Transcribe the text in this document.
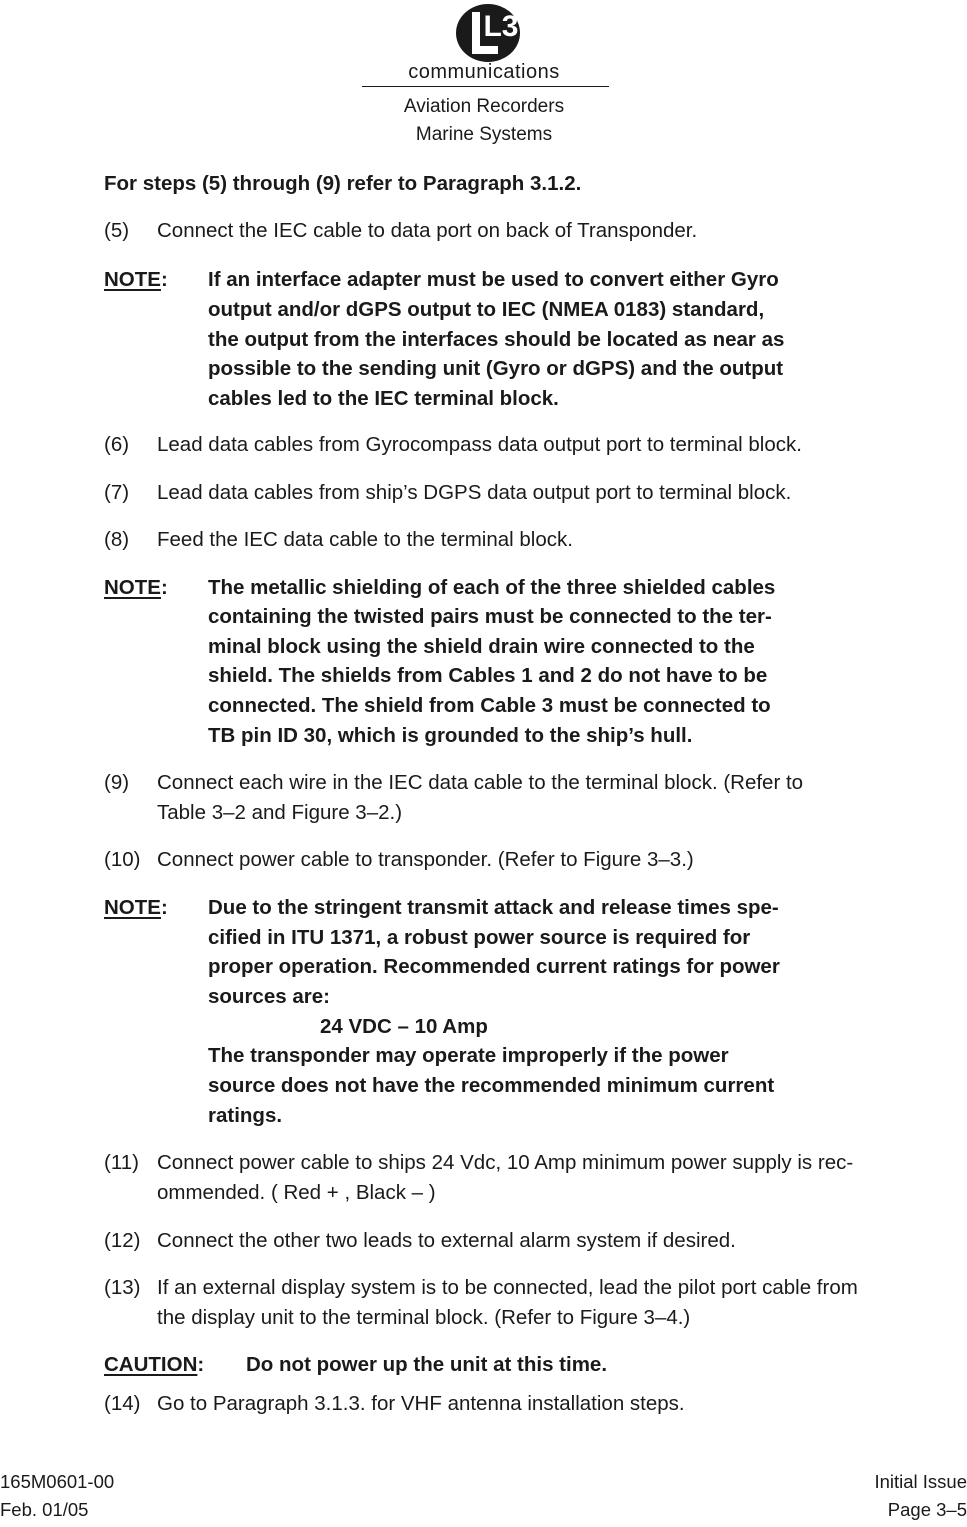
L3
communications
Aviation Recorders
Marine Systems
For steps (5) through (9) refer to Paragraph 3.1.2.
(5) Connect the IEC cable to data port on back of Transponder.
NOTE: If an interface adapter must be used to convert either Gyro
output and/or dGPS output to IEC (NMEA 0183) standard,
the output from the interfaces should be located as near as
possible to the sending unit (Gyro or dGPS) and the output
cables led to the IEC terminal block.
(6) Lead data cables from Gyrocompass data output port to terminal block.
(7) Lead data cables from ship’s DGPS data output port to terminal block.
(8) Feed the IEC data cable to the terminal block.
NOTE: The metallic shielding of each of the three shielded cables
containing the twisted pairs must be connected to the ter-
minal block using the shield drain wire connected to the
shield. The shields from Cables 1 and 2 do not have to be
connected. The shield from Cable 3 must be connected to
TB pin ID 30, which is grounded to the ship’s hull.
(9) Connect each wire in the IEC data cable to the terminal block. (Refer to
Table 3–2 and Figure 3–2.)
(10) Connect power cable to transponder. (Refer to Figure 3–3.)
NOTE: Due to the stringent transmit attack and release times spe-
cified in ITU 1371, a robust power source is required for
proper operation. Recommended current ratings for power
sources are:
24 VDC – 10 Amp
The transponder may operate improperly if the power
source does not have the recommended minimum current
ratings.
(11) Connect power cable to ships 24 Vdc, 10 Amp minimum power supply is rec-
ommended. ( Red + , Black – )
(12) Connect the other two leads to external alarm system if desired.
(13) If an external display system is to be connected, lead the pilot port cable from
the display unit to the terminal block. (Refer to Figure 3–4.)
CAUTION: Do not power up the unit at this time.
(14) Go to Paragraph 3.1.3. for VHF antenna installation steps.
165M0601-00
Feb. 01/05
Initial Issue
Page 3–5
